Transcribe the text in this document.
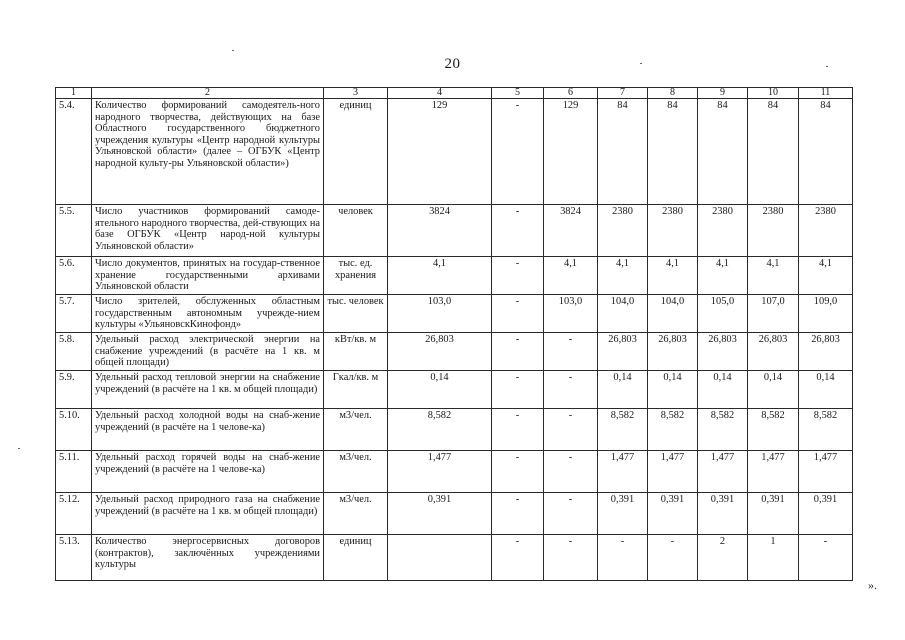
20
1	2	3	4	5	6	7	8	9	10	11
5.4.	Количество формирований самодеятель-ного народного творчества, действующих на базе Областного государственного бюджетного учреждения культуры «Центр народной культуры Ульяновской области» (далее – ОГБУК «Центр народной культу-ры Ульяновской области»)	единиц	129	-	129	84	84	84	84	84
5.5.	Число участников формирований самоде-ятельного народного творчества, дей-ствующих на базе ОГБУК «Центр народ-ной культуры Ульяновской области»	человек	3824	-	3824	2380	2380	2380	2380	2380
5.6.	Число документов, принятых на государ-ственное хранение государственными архивами Ульяновской области	тыс. ед. хранения	4,1	-	4,1	4,1	4,1	4,1	4,1	4,1
5.7.	Число зрителей, обслуженных областным государственным автономным учрежде-нием культуры «УльяновскКинофонд»	тыс. человек	103,0	-	103,0	104,0	104,0	105,0	107,0	109,0
5.8.	Удельный расход электрической энергии на снабжение учреждений (в расчёте на 1 кв. м общей площади)	кВт/кв. м	26,803	-	-	26,803	26,803	26,803	26,803	26,803
5.9.	Удельный расход тепловой энергии на снабжение учреждений (в расчёте на 1 кв. м общей площади)	Гкал/кв. м	0,14	-	-	0,14	0,14	0,14	0,14	0,14
5.10.	Удельный расход холодной воды на снаб-жение учреждений (в расчёте на 1 челове-ка)	м3/чел.	8,582	-	-	8,582	8,582	8,582	8,582	8,582
5.11.	Удельный расход горячей воды на снаб-жение учреждений (в расчёте на 1 челове-ка)	м3/чел.	1,477	-	-	1,477	1,477	1,477	1,477	1,477
5.12.	Удельный расход природного газа на снабжение учреждений (в расчёте на 1 кв. м общей площади)	м3/чел.	0,391	-	-	0,391	0,391	0,391	0,391	0,391
5.13.	Количество энергосервисных договоров (контрактов), заключённых учреждениями культуры	единиц		-	-	-	-	2	1	-
».
